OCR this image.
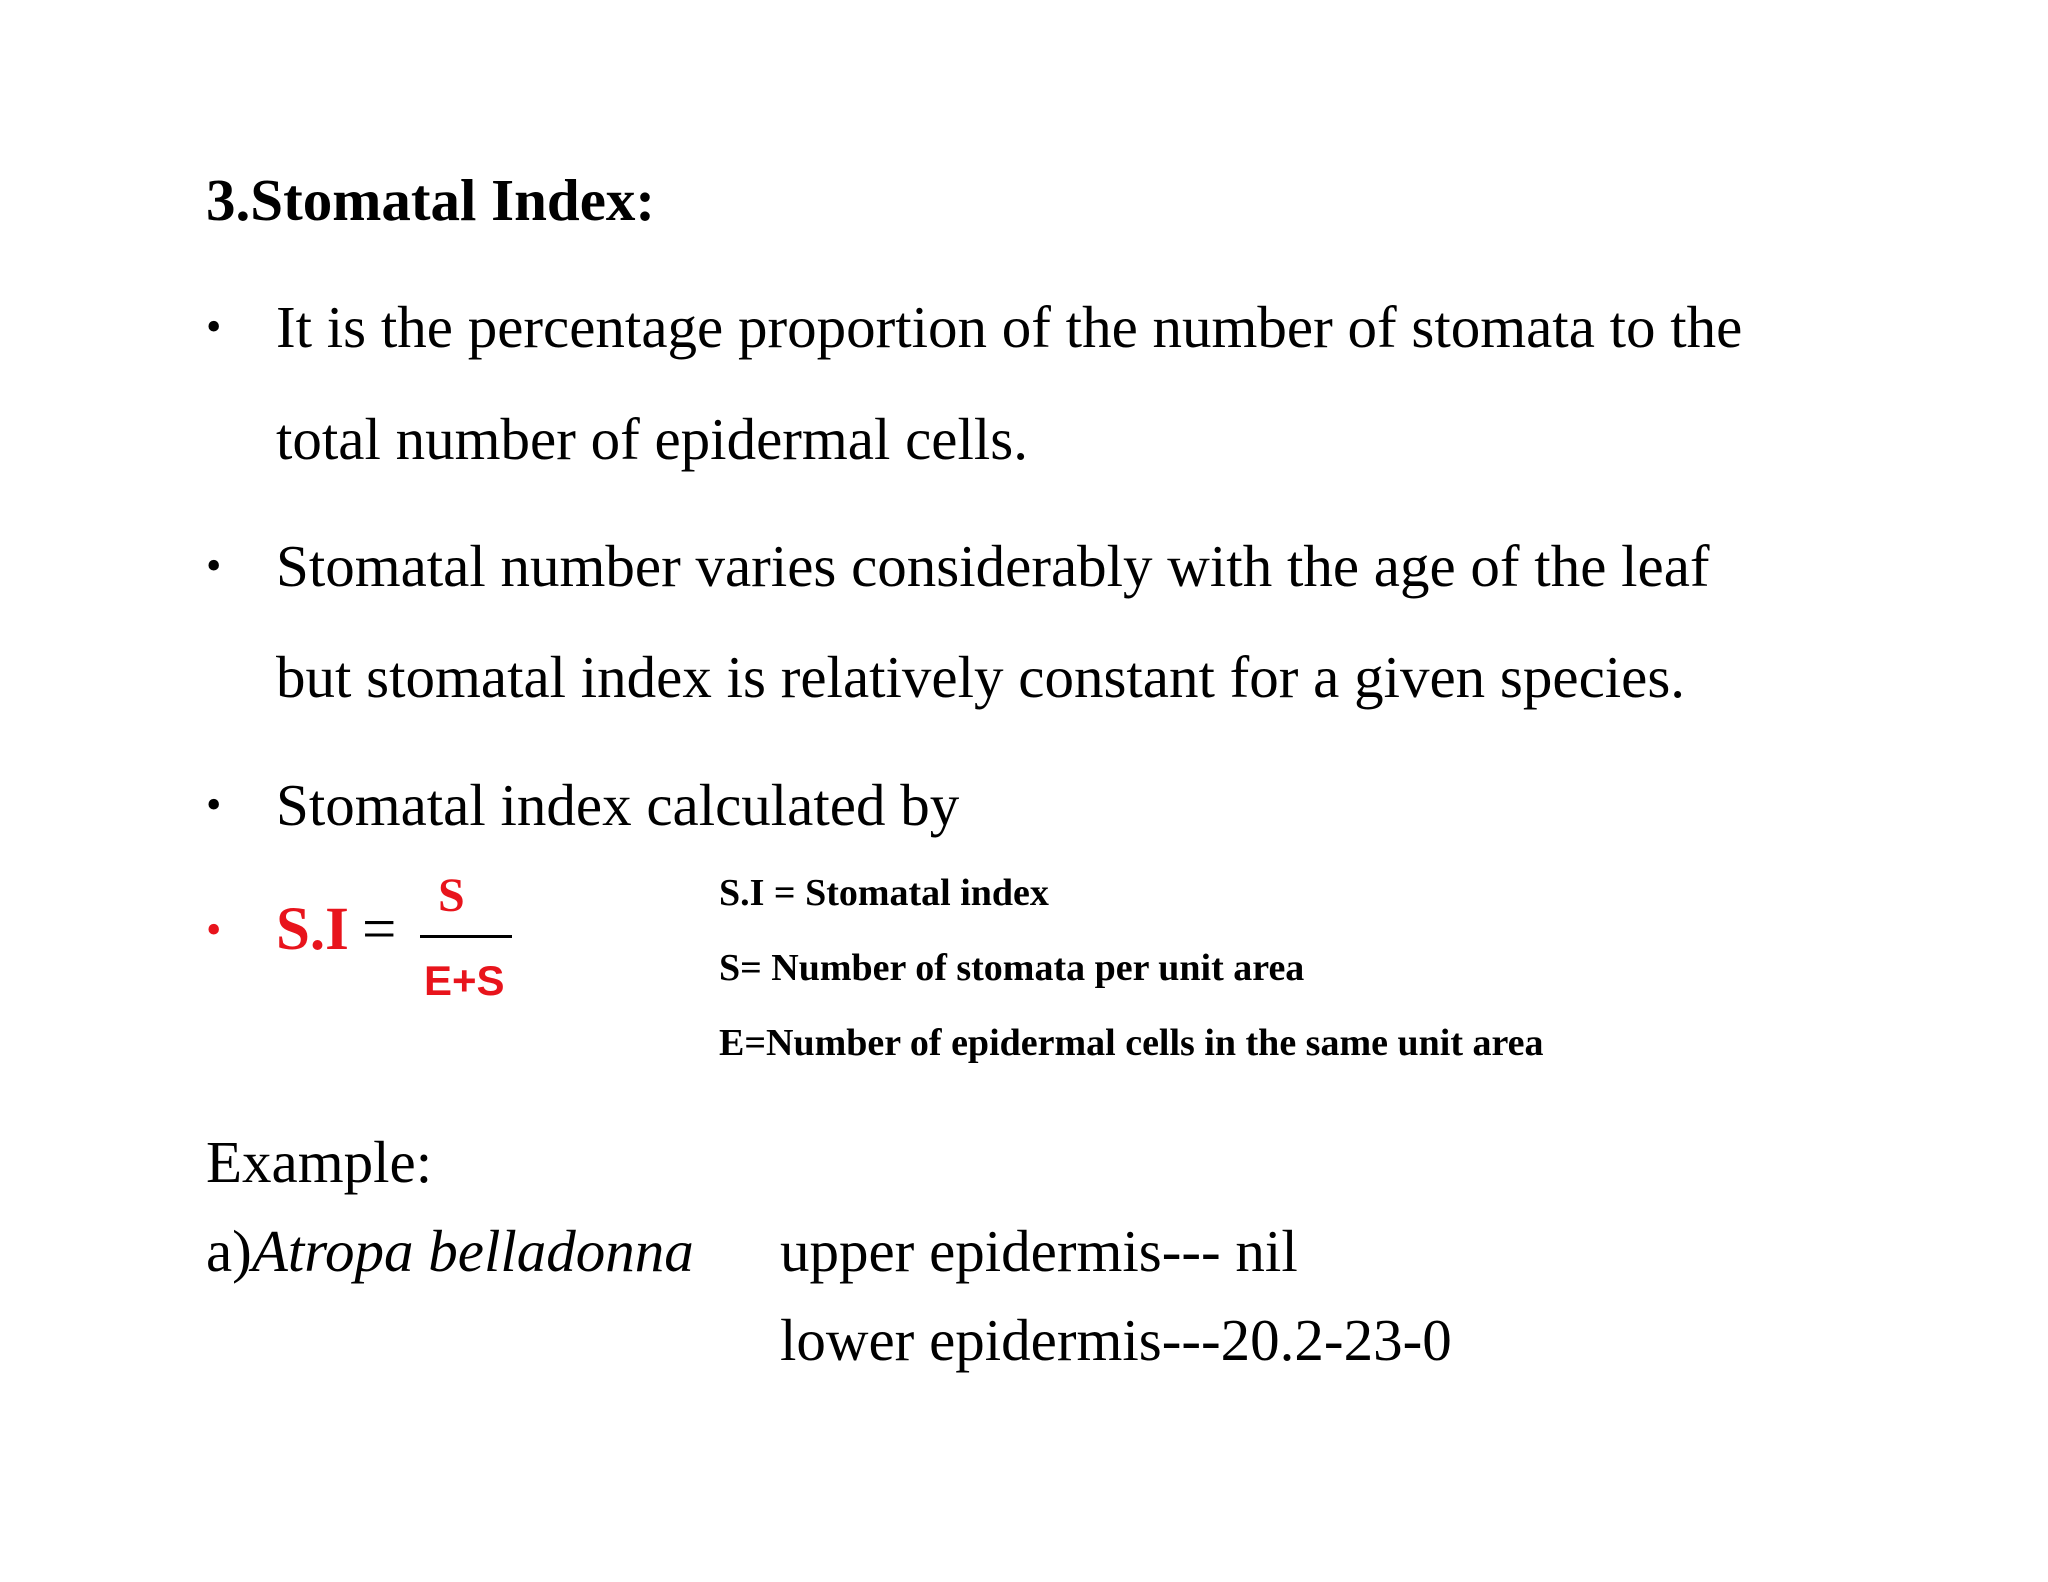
3.Stomatal Index:
• It is the percentage proportion of the number of stomata to the
total number of epidermal cells.
• Stomatal number varies considerably with the age of the leaf
but stomatal index is relatively constant for a given species.
• Stomatal index calculated by
• S.I =
S
E+S
S.I = Stomatal index
S= Number of stomata per unit area
E=Number of epidermal cells in the same unit area
Example:
a)Atropa belladonna upper epidermis--- nil
lower epidermis---20.2-23-0
